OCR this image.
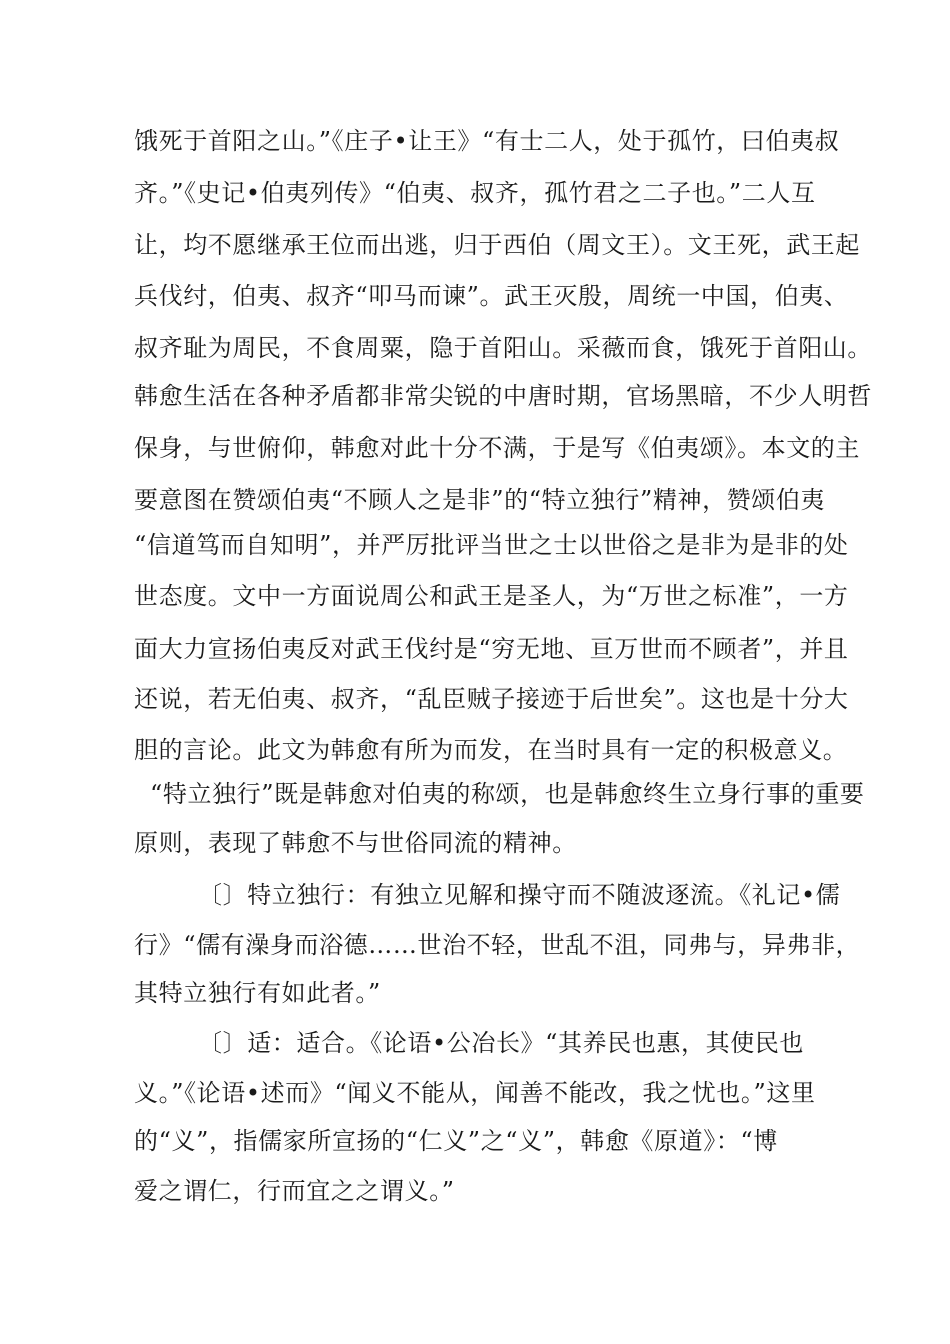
饿死于首阳之山。”《庄子•让王》“有士二人，处于孤竹，曰伯夷叔
齐。”《史记•伯夷列传》“伯夷、叔齐，孤竹君之二子也。”二人互
让，均不愿继承王位而出逃，归于西伯（周文王）。文王死，武王起
兵伐纣，伯夷、叔齐“叩马而谏”。武王灭殷，周统一中国，伯夷、
叔齐耻为周民，不食周粟，隐于首阳山。采薇而食，饿死于首阳山。
韩愈生活在各种矛盾都非常尖锐的中唐时期，官场黑暗，不少人明哲
保身，与世俯仰，韩愈对此十分不满，于是写《伯夷颂》。本文的主
要意图在赞颂伯夷“不顾人之是非”的“特立独行”精神，赞颂伯夷
“信道笃而自知明”，并严厉批评当世之士以世俗之是非为是非的处
世态度。文中一方面说周公和武王是圣人，为“万世之标准”，一方
面大力宣扬伯夷反对武王伐纣是“穷无地、亘万世而不顾者”，并且
还说，若无伯夷、叔齐，“乱臣贼子接迹于后世矣”。这也是十分大
胆的言论。此文为韩愈有所为而发，在当时具有一定的积极意义。
“特立独行”既是韩愈对伯夷的称颂，也是韩愈终生立身行事的重要
原则，表现了韩愈不与世俗同流的精神。
〔〕特立独行：有独立见解和操守而不随波逐流。《礼记•儒
行》“儒有澡身而浴德……世治不轻，世乱不沮，同弗与，异弗非，
其特立独行有如此者。”
〔〕适：适合。《论语•公冶长》“其养民也惠，其使民也
义。”《论语•述而》“闻义不能从，闻善不能改，我之忧也。”这里
的“义”，指儒家所宣扬的“仁义”之“义”，韩愈《原道》：“博
爱之谓仁，行而宜之之谓义。”
